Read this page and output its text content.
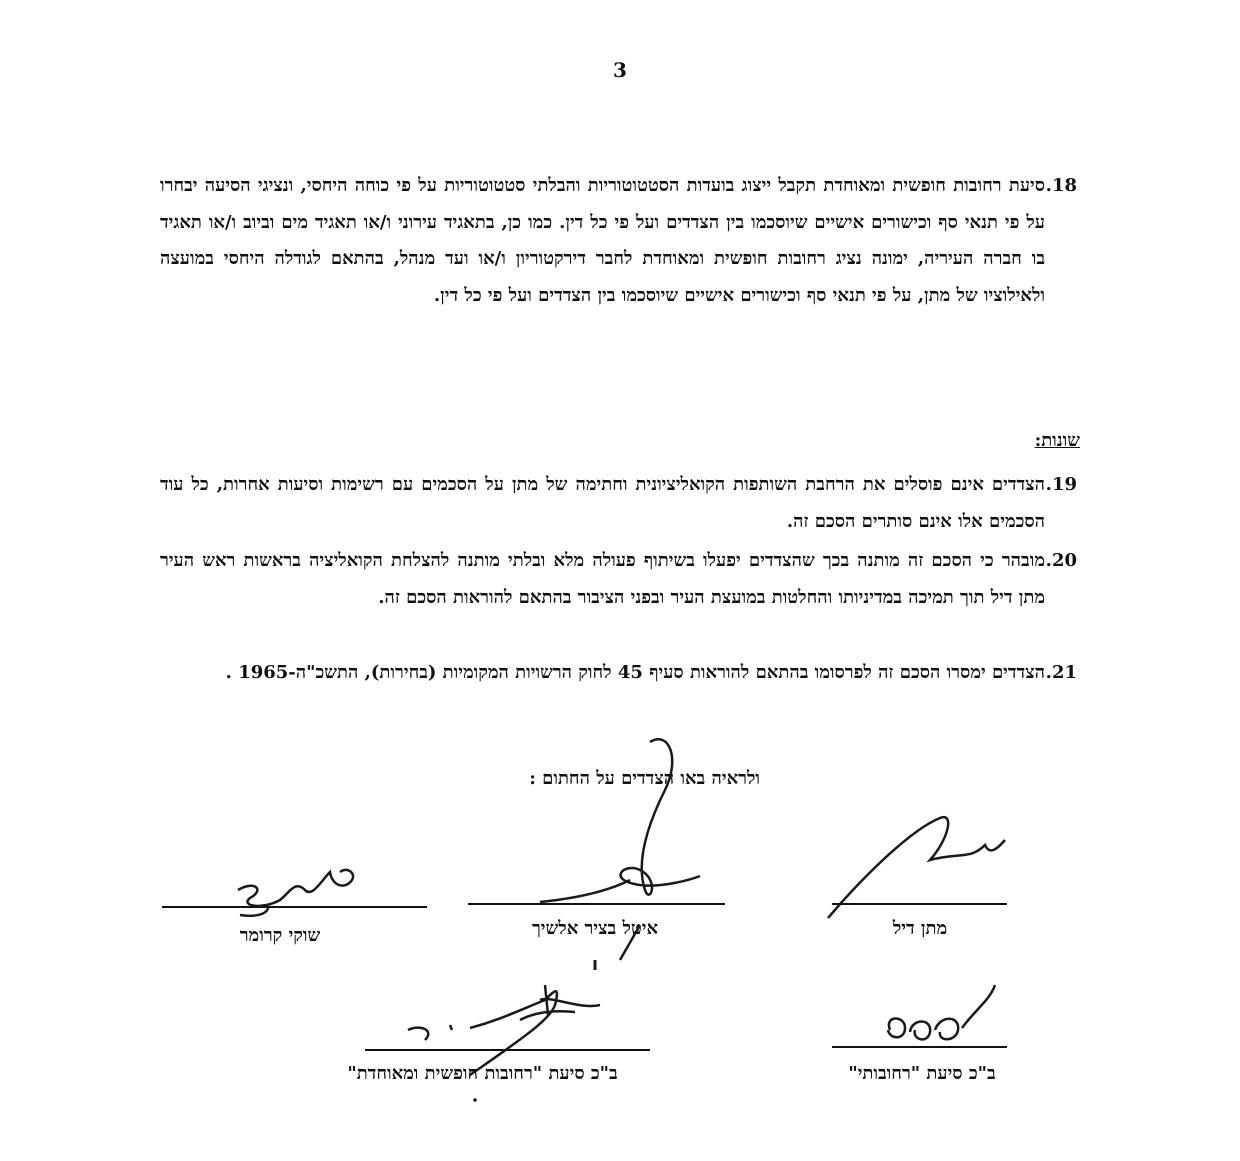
3
.18
סיעת רחובות חופשית ומאוחדת תקבל ייצוג בועדות הסטטוטוריות והבלתי סטטוטוריות על פי כוחה היחסי, ונציגי הסיעה יבחרו על פי תנאי סף וכישורים אישיים שיוסכמו בין הצדדים ועל פי כל דין. כמו כן, בתאגיד עירוני ו/או תאגיד מים וביוב ו/או תאגיד בו חברה העיריה, ימונה נציג רחובות חופשית ומאוחדת לחבר דירקטוריון ו/או ועד מנהל, בהתאם לגודלה היחסי במועצה ולאילוציו של מתן, על פי תנאי סף וכישורים אישיים שיוסכמו בין הצדדים ועל פי כל דין.
שונות:
.19
הצדדים אינם פוסלים את הרחבת השותפות הקואליציונית וחתימה של מתן על הסכמים עם רשימות וסיעות אחרות, כל עוד הסכמים אלו אינם סותרים הסכם זה.
.20
מובהר כי הסכם זה מותנה בכך שהצדדים יפעלו בשיתוף פעולה מלא ובלתי מותנה להצלחת הקואליציה בראשות ראש העיר מתן דיל תוך תמיכה במדיניותו והחלטות במועצת העיר ובפני הציבור בהתאם להוראות הסכם זה.
.21
הצדדים ימסרו הסכם זה לפרסומו בהתאם להוראות סעיף 45 לחוק הרשויות המקומיות (בחירות), התשכ"ה-1965 .
ולראיה באו הצדדים על החתום :
מתן דיל
איטל בציר אלשיך
שוקי קרומר
ב"כ סיעת "רחובותי"
ב"כ סיעת "רחובות חופשית ומאוחדת"
